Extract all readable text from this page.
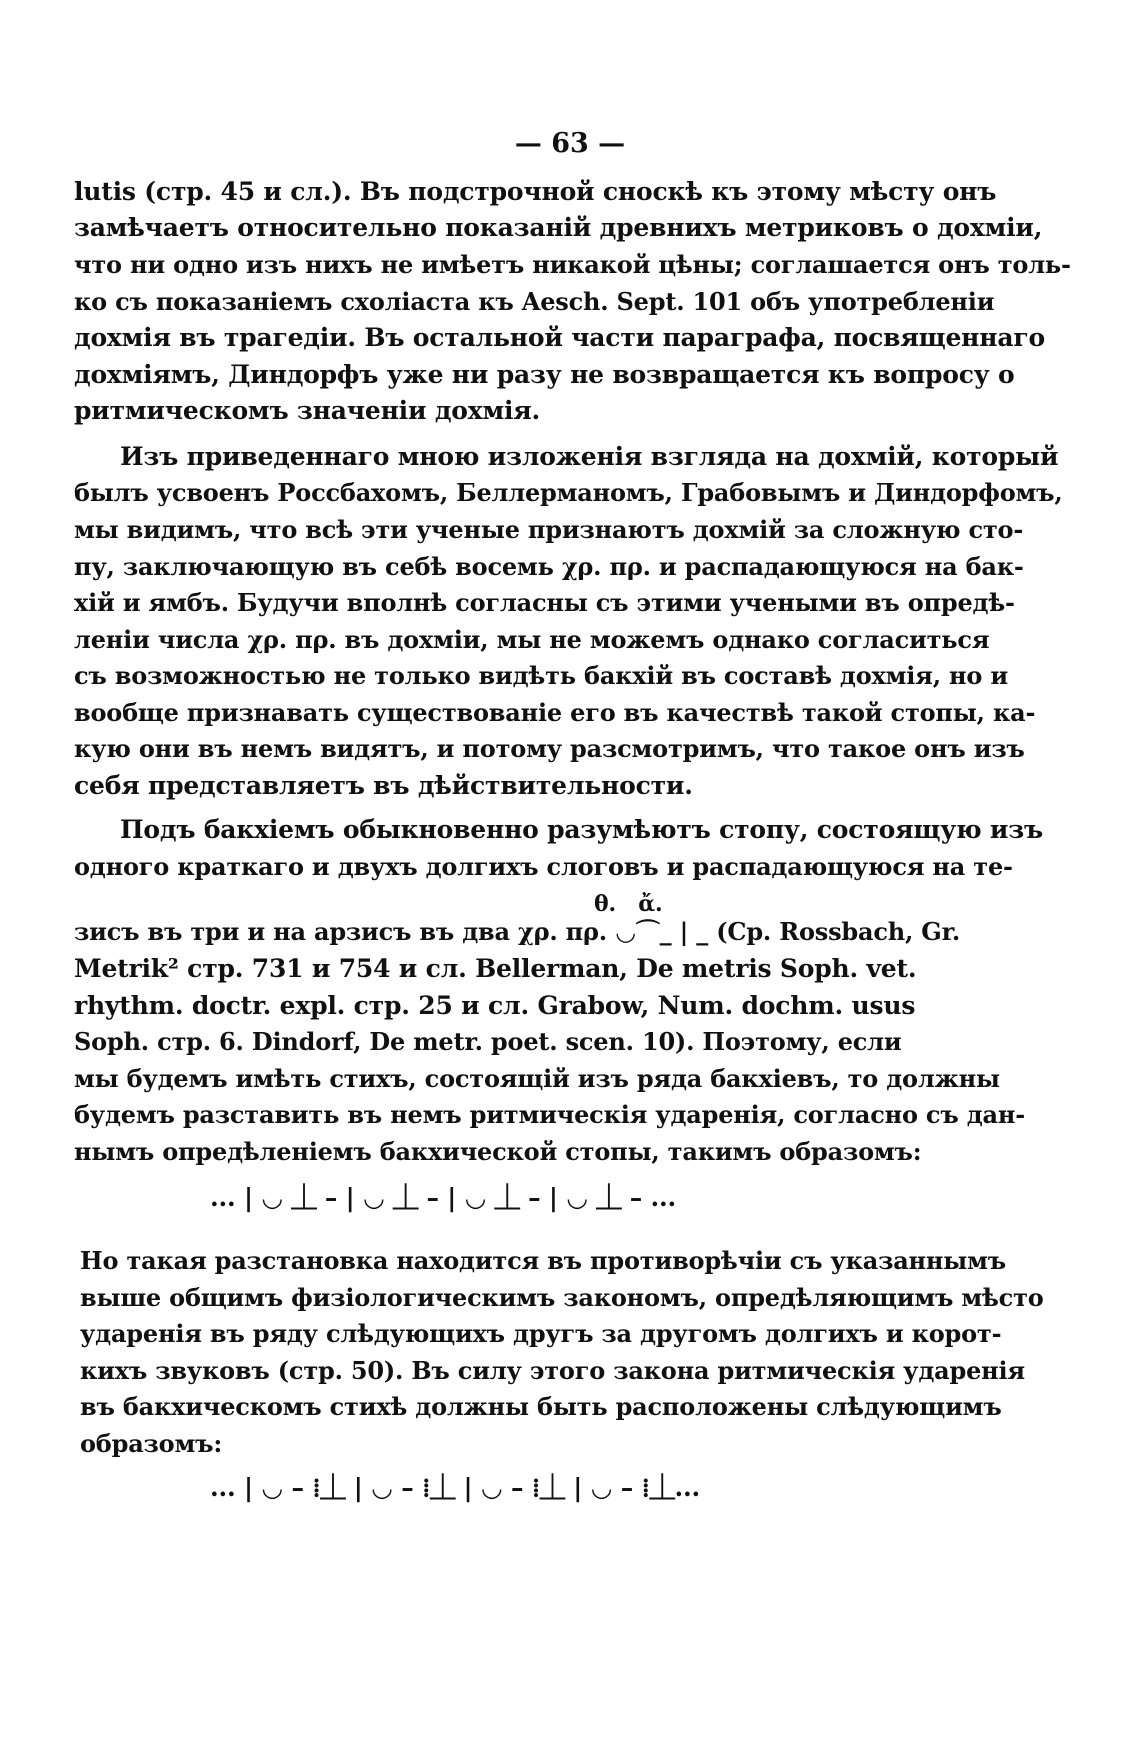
— 63 —
lutis (стр. 45 и сл.). Въ подстрочной сноскѣ къ этому мѣсту онъ
замѣчаетъ относительно показаній древнихъ метриковъ о дохміи,
что ни одно изъ нихъ не имѣетъ никакой цѣны; соглашается онъ толь-
ко съ показаніемъ схоліаста къ Aesch. Sept. 101 объ употребленіи
дохмія въ трагедіи. Въ остальной части параграфа, посвященнаго
дохміямъ, Диндорфъ уже ни разу не возвращается къ вопросу о
ритмическомъ значеніи дохмія.
Изъ приведеннаго мною изложенія взгляда на дохмій, который
былъ усвоенъ Россбахомъ, Беллерманомъ, Грабовымъ и Диндорфомъ,
мы видимъ, что всѣ эти ученые признаютъ дохмій за сложную сто-
пу, заключающую въ себѣ восемь χρ. πρ. и распадающуюся на бак-
хій и ямбъ. Будучи вполнѣ согласны съ этими учеными въ опредѣ-
леніи числа χρ. πρ. въ дохміи, мы не можемъ однако согласиться
съ возможностью не только видѣть бакхій въ составѣ дохмія, но и
вообще признавать существованіе его въ качествѣ такой стопы, ка-
кую они въ немъ видятъ, и потому разсмотримъ, что такое онъ изъ
себя представляетъ въ дѣйствительности.
Подъ бакхіемъ обыкновенно разумѣютъ стопу, состоящую изъ
одного краткаго и двухъ долгихъ слоговъ и распадающуюся на те-
θ.   ἄ.
зисъ въ три и на арзисъ въ два χρ. πρ. ◡⌒_ | _ (Cp. Rossbach, Gr.
Metrik² стр. 731 и 754 и сл. Bellerman, De metris Soph. vet.
rhythm. doctr. expl. стр. 25 и сл. Grabow, Num. dochm. usus
Soph. стр. 6. Dindorf, De metr. poet. scen. 10). Поэтому, если
мы будемъ имѣть стихъ, состоящій изъ ряда бакхіевъ, то должны
будемъ разставить въ немъ ритмическія ударенія, согласно съ дан-
нымъ опредѣленіемъ бакхической стопы, такимъ образомъ:
... | ◡ ⏊ – | ◡ ⏊ – | ◡ ⏊ – | ◡ ⏊ – ...
Но такая разстановка находится въ противорѣчіи съ указаннымъ
выше общимъ физіологическимъ закономъ, опредѣляющимъ мѣсто
ударенія въ ряду слѣдующихъ другъ за другомъ долгихъ и корот-
кихъ звуковъ (стр. 50). Въ силу этого закона ритмическія ударенія
въ бакхическомъ стихѣ должны быть расположены слѣдующимъ
образомъ:
... | ◡ – ⁞⏊ | ◡ – ⁞⏊ | ◡ – ⁞⏊ | ◡ – ⁞⏊...
